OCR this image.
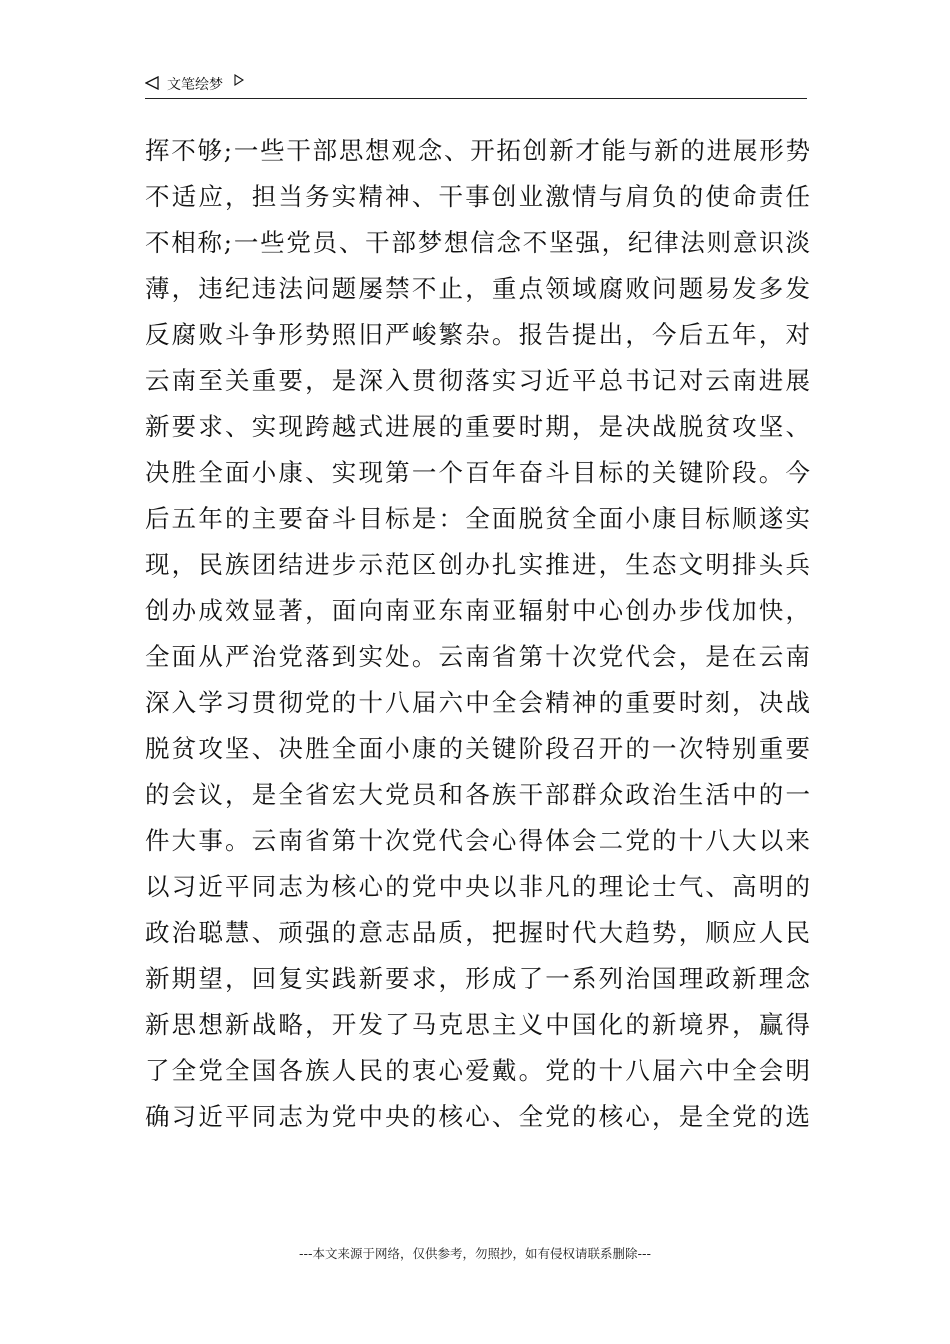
文笔绘梦
挥不够;一些干部思想观念、开拓创新才能与新的进展形势
不适应，担当务实精神、干事创业激情与肩负的使命责任
不相称;一些党员、干部梦想信念不坚强，纪律法则意识淡
薄，违纪违法问题屡禁不止，重点领域腐败问题易发多发
反腐败斗争形势照旧严峻繁杂。报告提出，今后五年，对
云南至关重要，是深入贯彻落实习近平总书记对云南进展
新要求、实现跨越式进展的重要时期，是决战脱贫攻坚、
决胜全面小康、实现第一个百年奋斗目标的关键阶段。今
后五年的主要奋斗目标是：全面脱贫全面小康目标顺遂实
现，民族团结进步示范区创办扎实推进，生态文明排头兵
创办成效显著，面向南亚东南亚辐射中心创办步伐加快，
全面从严治党落到实处。云南省第十次党代会，是在云南
深入学习贯彻党的十八届六中全会精神的重要时刻，决战
脱贫攻坚、决胜全面小康的关键阶段召开的一次特别重要
的会议，是全省宏大党员和各族干部群众政治生活中的一
件大事。云南省第十次党代会心得体会二党的十八大以来
以习近平同志为核心的党中央以非凡的理论士气、高明的
政治聪慧、顽强的意志品质，把握时代大趋势，顺应人民
新期望，回复实践新要求，形成了一系列治国理政新理念
新思想新战略，开发了马克思主义中国化的新境界，赢得
了全党全国各族人民的衷心爱戴。党的十八届六中全会明
确习近平同志为党中央的核心、全党的核心，是全党的选
---本文来源于网络，仅供参考，勿照抄，如有侵权请联系删除---
